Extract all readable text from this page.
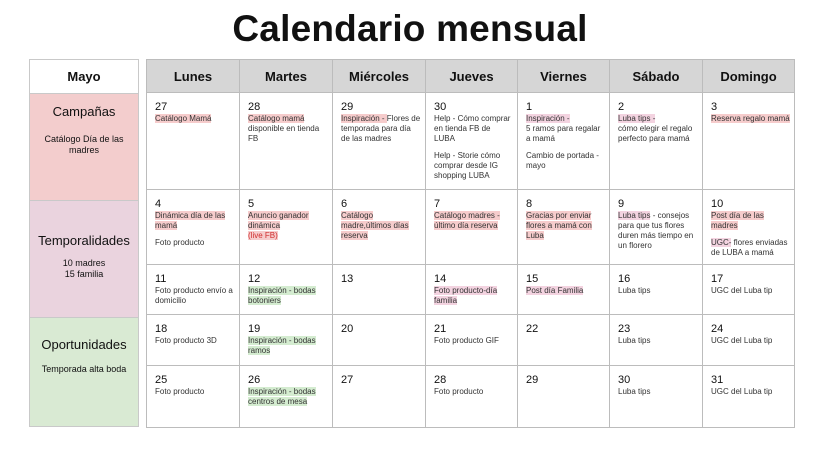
Calendario mensual
Mayo
Campañas
Catálogo Día de las madres
Temporalidades
10 madres
15 familia
Oportunidades
Temporada alta boda
Lunes	Martes	Miércoles	Jueves	Viernes	Sábado	Domingo

27
Catálogo Mamá	28
Catálogo mamá
disponible en tienda FB	29
Inspiración - Flores de temporada para día de las madres	30
Help - Cómo comprar en tienda FB de LUBA
Help - Storie cómo comprar desde IG shopping LUBA	1
Inspiración -
5 ramos para regalar a mamá
Cambio de portada - mayo	2
Luba tips -
cómo elegir el regalo perfecto para mamá	3
Reserva regalo mamá

4
Dinámica día de las mamá
Foto producto	5
Anuncio ganador dinámica
(live FB)	6
Catálogo madre,últimos días reserva	7
Catálogo madres - último día reserva	8
Gracias por enviar flores a mamá con Luba	9
Luba tips - consejos para que tus flores duren más tiempo en un florero	10
Post día de las madres
UGC- flores enviadas de LUBA a mamá

11
Foto producto envío a domicilio	12
Inspiración - bodas botoniers	13	14
Foto producto-día familia	15
Post día Familia	16
Luba tips	17
UGC del Luba tip

18
Foto producto 3D	19
Inspiración - bodas ramos	20	21
Foto producto GIF	22	23
Luba tips	24
UGC del Luba tip

25
Foto producto	26
Inspiración - bodas centros de mesa	27	28
Foto producto	29	30
Luba tips	31
UGC del Luba tip
